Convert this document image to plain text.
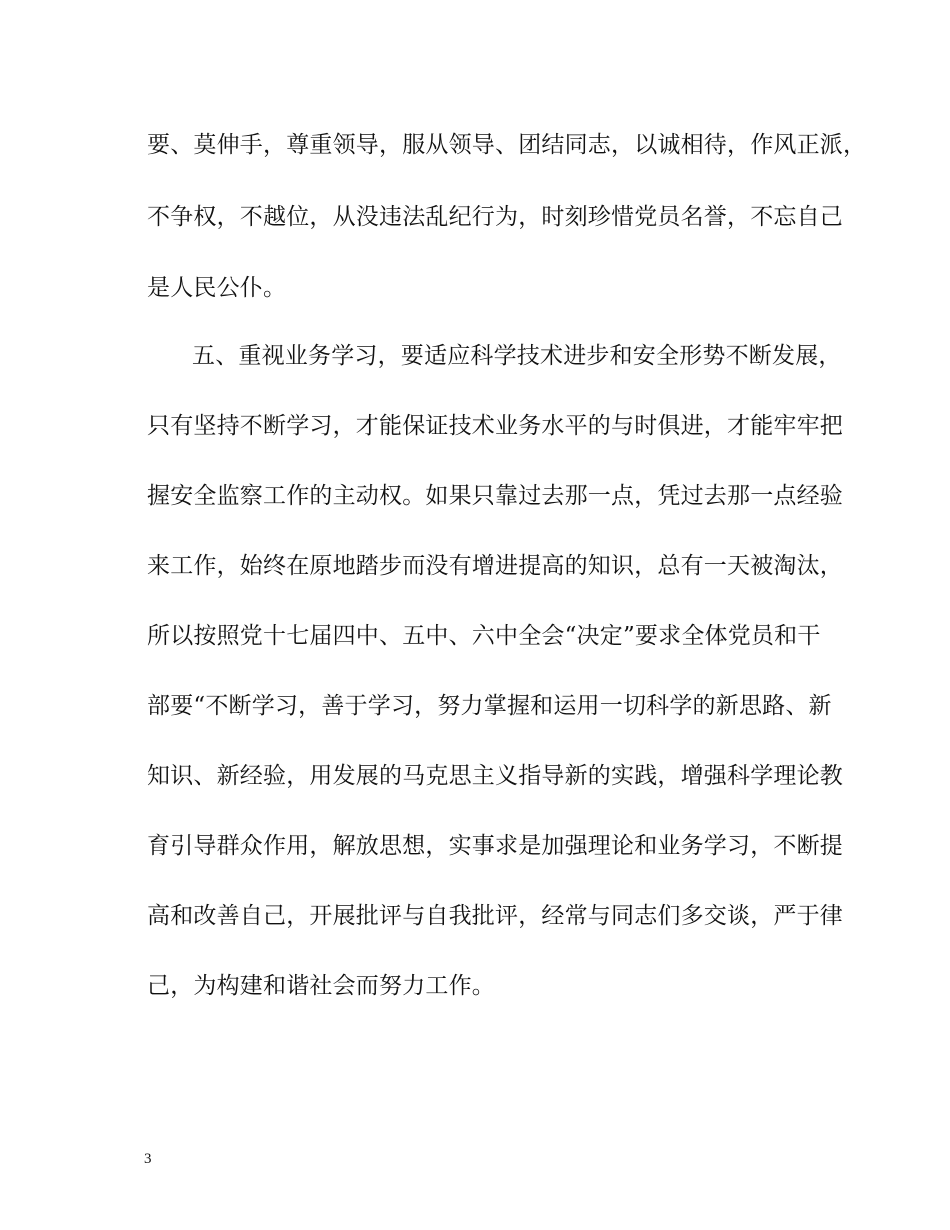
要、莫伸手，尊重领导，服从领导、团结同志，以诚相待，作风正派，
不争权，不越位，从没违法乱纪行为，时刻珍惜党员名誉，不忘自己
是人民公仆。
五、重视业务学习，要适应科学技术进步和安全形势不断发展，
只有坚持不断学习，才能保证技术业务水平的与时俱进，才能牢牢把
握安全监察工作的主动权。如果只靠过去那一点，凭过去那一点经验
来工作，始终在原地踏步而没有增进提高的知识，总有一天被淘汰，
所以按照党十七届四中、五中、六中全会“决定”要求全体党员和干
部要“不断学习，善于学习，努力掌握和运用一切科学的新思路、新
知识、新经验，用发展的马克思主义指导新的实践，增强科学理论教
育引导群众作用，解放思想，实事求是加强理论和业务学习，不断提
高和改善自己，开展批评与自我批评，经常与同志们多交谈，严于律
己，为构建和谐社会而努力工作。
3
